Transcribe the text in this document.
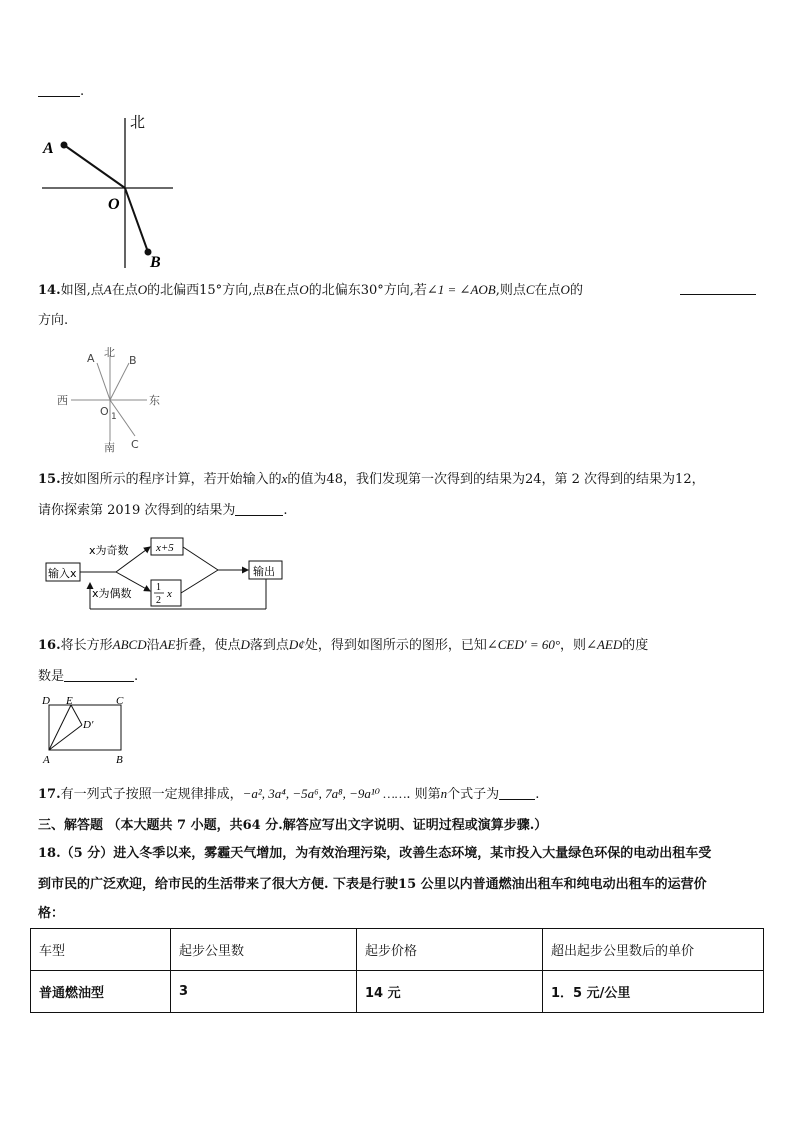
.
北
A
O
B
14.如图,点A在点O的北偏西15°方向,点B在点O的北偏东30°方向,若∠1 = ∠AOB,则点C在点O的
方向.
A 北
B
西	东
O 1
南 C
15.按如图所示的程序计算，若开始输入的x的值为48，我们发现第一次得到的结果为24，第 2 次得到的结果为12，
请你探索第 2019 次得到的结果为	.
输入x
x为奇数 x+5
1
2
x
输出
x为偶数
16.将长方形ABCD沿AE折叠，使点D落到点D¢处，得到如图所示的图形，已知∠CED′ = 60°，则∠AED的度
数是	.
D E	C
D′
A	B
17.有一列式子按照一定规律排成，−a², 3a⁴, −5a⁶, 7a⁸, −9a¹⁰ ……. 则第n个式子为	.
三、解答题 （本大题共 7 小题，共64 分.解答应写出文字说明、证明过程或演算步骤.）
18.（5 分）进入冬季以来，雾霾天气增加，为有效治理污染，改善生态环境，某市投入大量绿色环保的电动出租车受
到市民的广泛欢迎，给市民的生活带来了很大方便. 下表是行驶15 公里以内普通燃油出租车和纯电动出租车的运营价
格：
车型	起步公里数	起步价格	超出起步公里数后的单价
普通燃油型	3	14 元	1．5 元/公里
